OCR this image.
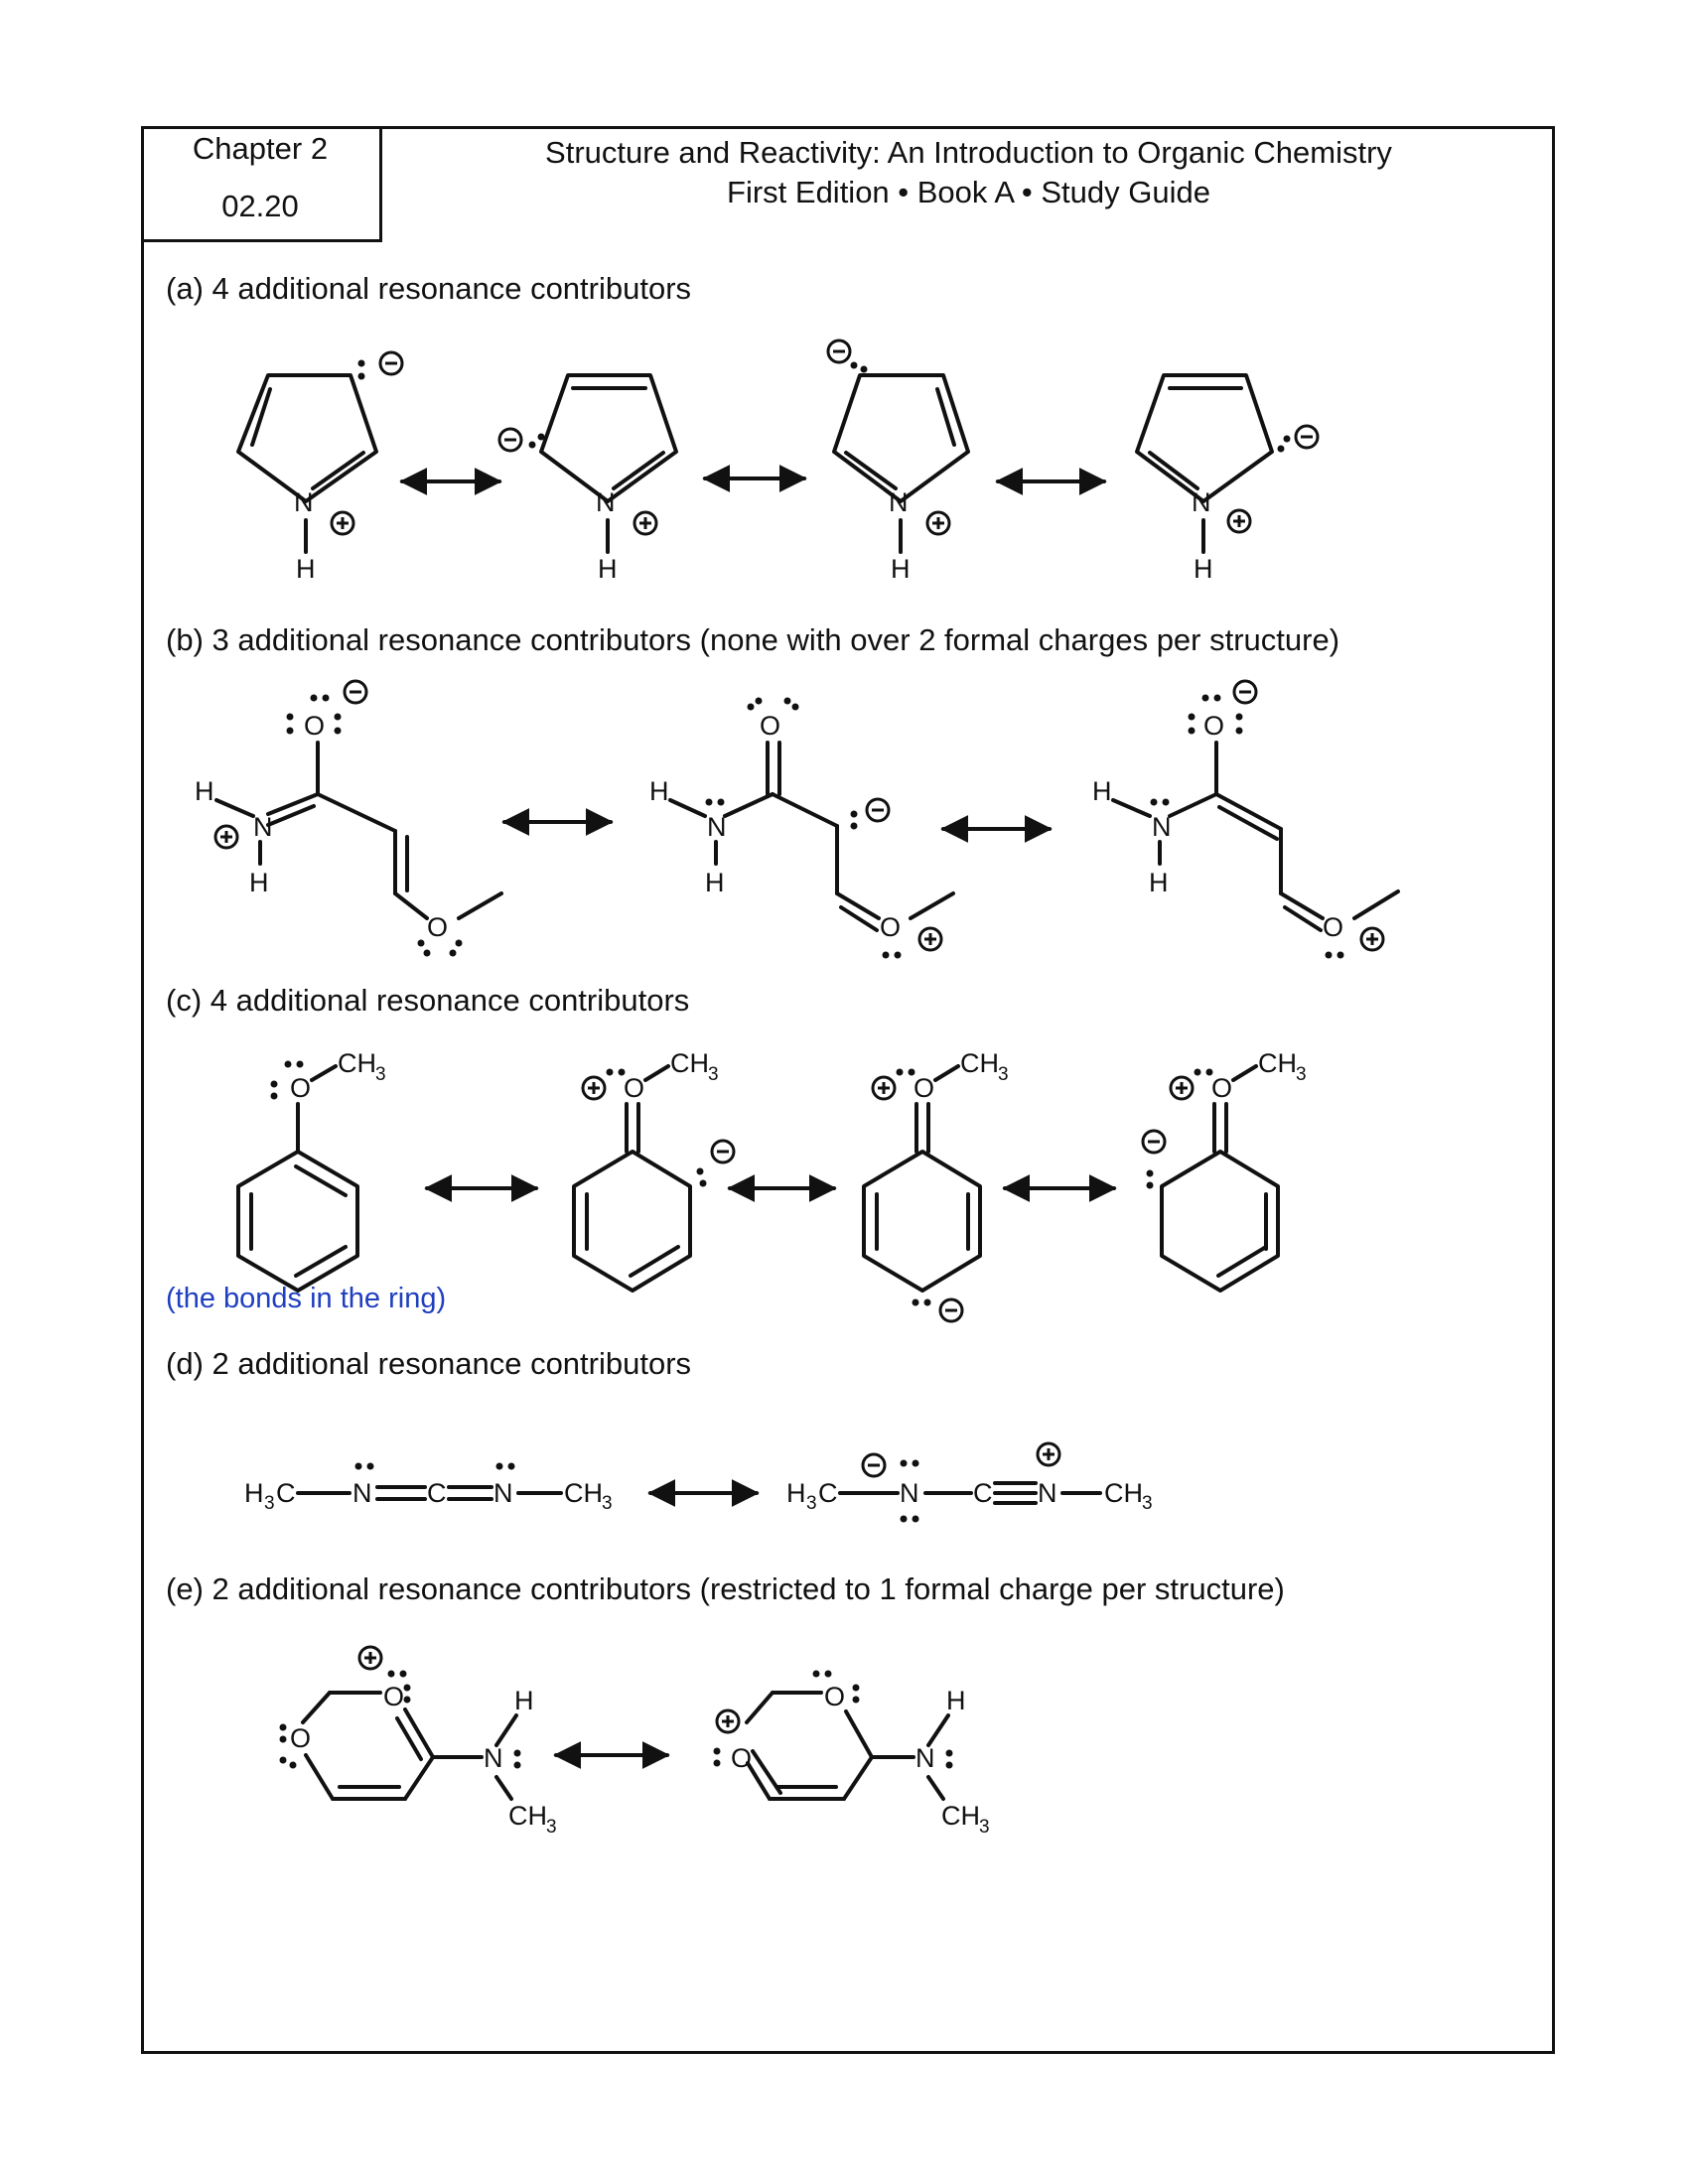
Chapter 2
02.20
Structure and Reactivity: An Introduction to Organic Chemistry
First Edition • Book A • Study Guide
(a) 4 additional resonance contributors
(b) 3 additional resonance contributors (none with over 2 formal charges per structure)
(c) 4 additional resonance contributors
(the bonds in the ring)
(d) 2 additional resonance contributors
(e) 2 additional resonance contributors (restricted to 1 formal charge per structure)
N
H
N
H
N
H
N
H
O
N
H
H
O
O
N
H
H
O
O
N
H
H
O
O
CH 3	O
CH 3	O
CH 3	O
CH 3
H 3 C N C N CH 3	H 3 C N C N CH 3
O
O
N
H
CH 3
O
O	N
H
CH 3
